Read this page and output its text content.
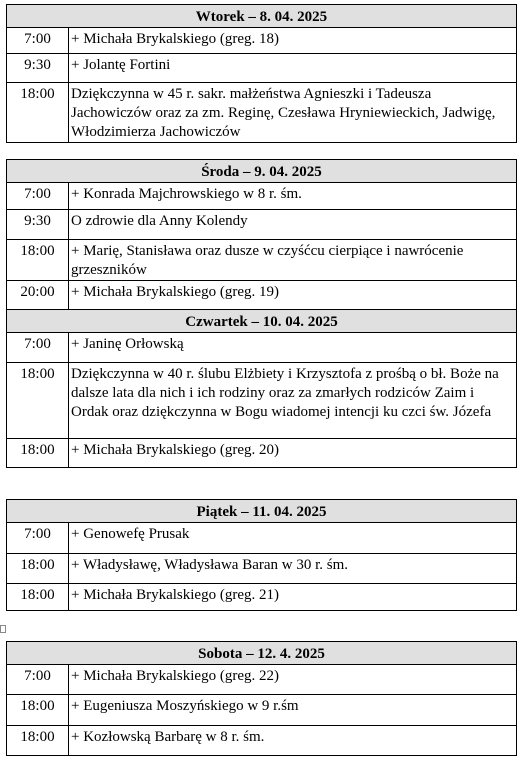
Wtorek – 8. 04. 2025	
7:00	+ Michała Brykalskiego (greg. 18)
9:30	+ Jolantę Fortini
18:00	Dziękczynna w 45 r. sakr. małżeństwa Agnieszki i Tadeusza Jachowiczów oraz za zm. Reginę, Czesława Hryniewieckich, Jadwigę, Włodzimierza Jachowiczów
Środa – 9. 04. 2025	
7:00	+ Konrada Majchrowskiego w 8 r. śm.
9:30	O zdrowie dla Anny Kolendy
18:00	+ Marię, Stanisława oraz dusze w czyśćcu cierpiące i nawrócenie grzeszników
20:00	+ Michała Brykalskiego (greg. 19)
Czwartek – 10. 04. 2025	
7:00	+ Janinę Orłowską
18:00	Dziękczynna w 40 r. ślubu Elżbiety i Krzysztofa z prośbą o bł. Boże na dalsze lata dla nich i ich rodziny oraz za zmarłych rodziców Zaim i Ordak oraz dziękczynna w Bogu wiadomej intencji ku czci św. Józefa
18:00	+ Michała Brykalskiego (greg. 20)
Piątek – 11. 04. 2025	
7:00	+ Genowefę Prusak
18:00	+ Władysławę, Władysława Baran w 30 r. śm.
18:00	+ Michała Brykalskiego (greg. 21)
Sobota – 12. 4. 2025	
7:00	+ Michała Brykalskiego (greg. 22)
18:00	+ Eugeniusza Moszyńskiego w 9 r.śm
18:00	+ Kozłowską Barbarę w 8 r. śm.
